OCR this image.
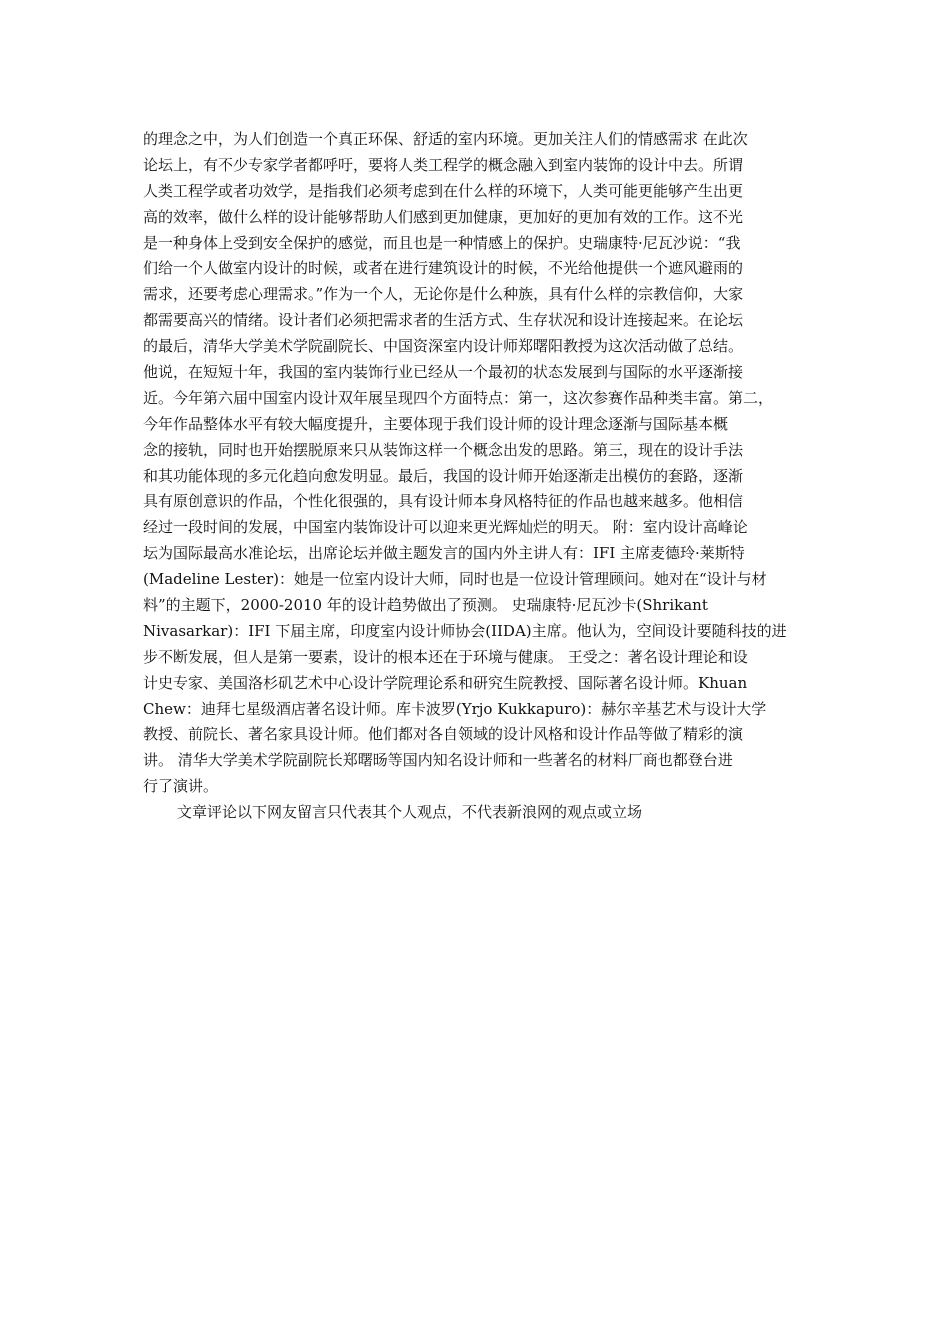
的理念之中，为人们创造一个真正环保、舒适的室内环境。更加关注人们的情感需求 在此次
论坛上，有不少专家学者都呼吁，要将人类工程学的概念融入到室内装饰的设计中去。所谓
人类工程学或者功效学，是指我们必须考虑到在什么样的环境下，人类可能更能够产生出更
高的效率，做什么样的设计能够帮助人们感到更加健康，更加好的更加有效的工作。这不光
是一种身体上受到安全保护的感觉，而且也是一种情感上的保护。史瑞康特·尼瓦沙说：“我
们给一个人做室内设计的时候，或者在进行建筑设计的时候，不光给他提供一个遮风避雨的
需求，还要考虑心理需求。”作为一个人，无论你是什么种族，具有什么样的宗教信仰，大家
都需要高兴的情绪。设计者们必须把需求者的生活方式、生存状况和设计连接起来。在论坛
的最后，清华大学美术学院副院长、中国资深室内设计师郑曙阳教授为这次活动做了总结。
他说，在短短十年，我国的室内装饰行业已经从一个最初的状态发展到与国际的水平逐渐接
近。今年第六届中国室内设计双年展呈现四个方面特点：第一，这次参赛作品种类丰富。第二，
今年作品整体水平有较大幅度提升，主要体现于我们设计师的设计理念逐渐与国际基本概
念的接轨，同时也开始摆脱原来只从装饰这样一个概念出发的思路。第三，现在的设计手法
和其功能体现的多元化趋向愈发明显。最后，我国的设计师开始逐渐走出模仿的套路，逐渐
具有原创意识的作品，个性化很强的，具有设计师本身风格特征的作品也越来越多。他相信
经过一段时间的发展，中国室内装饰设计可以迎来更光辉灿烂的明天。 附：室内设计高峰论
坛为国际最高水准论坛，出席论坛并做主题发言的国内外主讲人有：IFI 主席麦德玲·莱斯特
(Madeline Lester)：她是一位室内设计大师，同时也是一位设计管理顾问。她对在“设计与材
料”的主题下，2000-2010 年的设计趋势做出了预测。 史瑞康特·尼瓦沙卡(Shrikant
Nivasarkar)：IFI 下届主席，印度室内设计师协会(IIDA)主席。他认为，空间设计要随科技的进
步不断发展，但人是第一要素，设计的根本还在于环境与健康。 王受之：著名设计理论和设
计史专家、美国洛杉矶艺术中心设计学院理论系和研究生院教授、国际著名设计师。Khuan
Chew：迪拜七星级酒店著名设计师。库卡波罗(Yrjo Kukkapuro)：赫尔辛基艺术与设计大学
教授、前院长、著名家具设计师。他们都对各自领域的设计风格和设计作品等做了精彩的演
讲。 清华大学美术学院副院长郑曙旸等国内知名设计师和一些著名的材料厂商也都登台进
行了演讲。
文章评论以下网友留言只代表其个人观点，不代表新浪网的观点或立场
